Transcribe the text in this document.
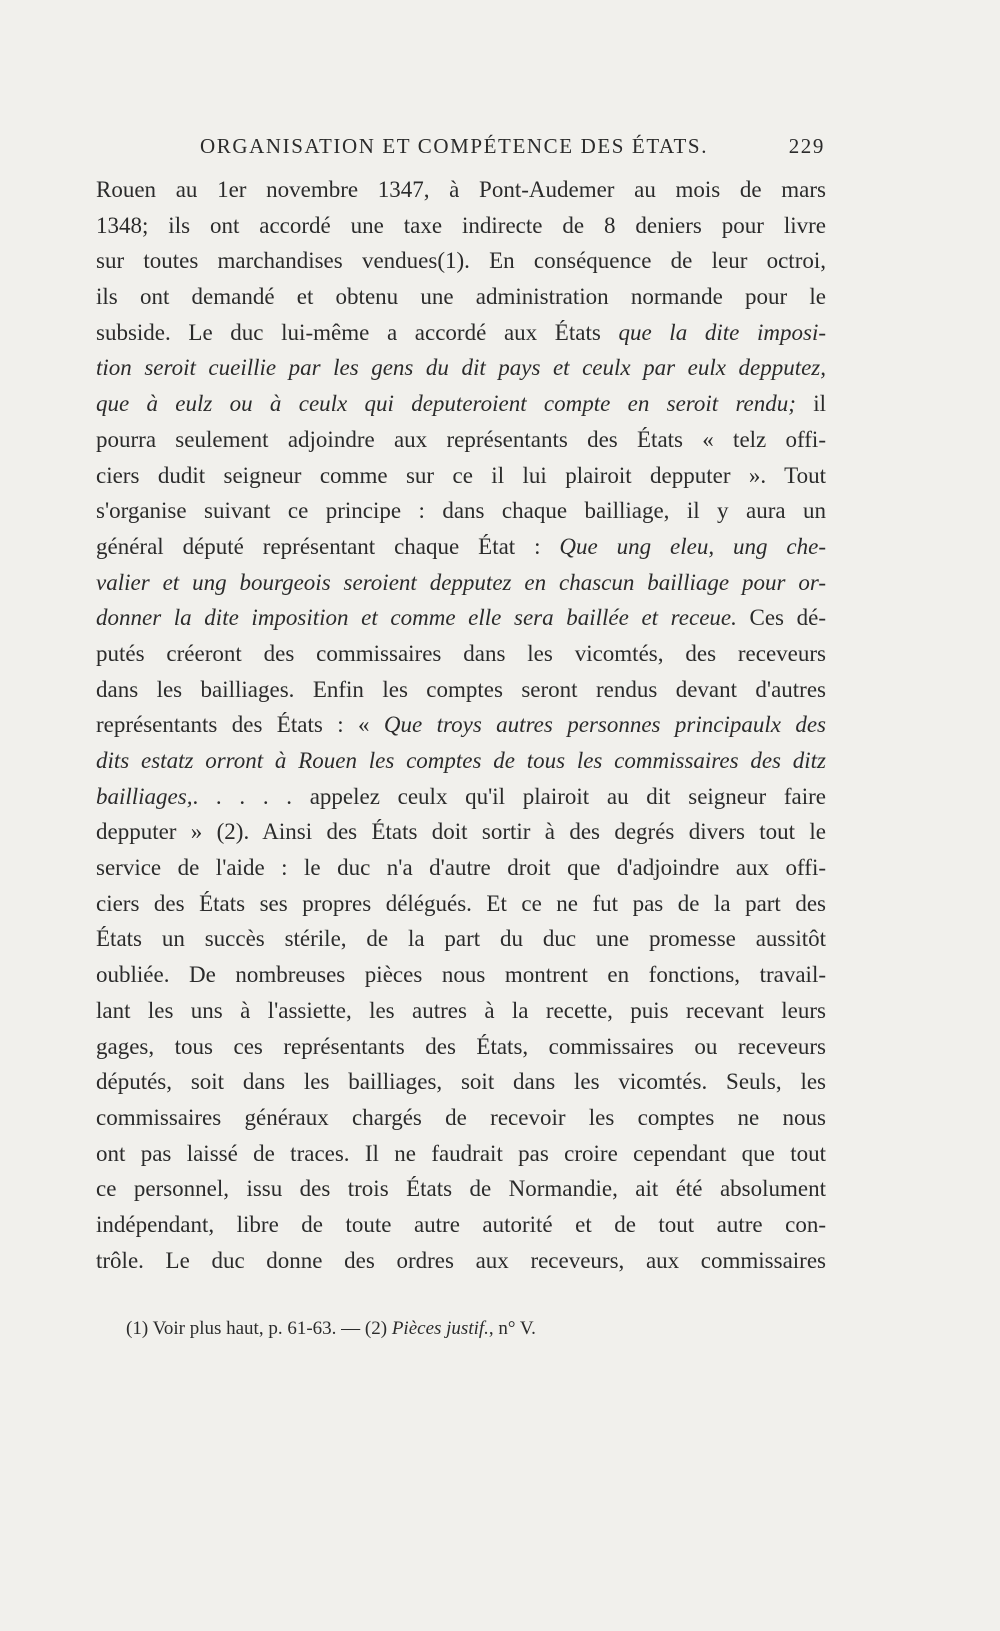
ORGANISATION ET COMPÉTENCE DES ÉTATS.	229
Rouen au 1er novembre 1347, à Pont-Audemer au mois de mars
1348; ils ont accordé une taxe indirecte de 8 deniers pour livre
sur toutes marchandises vendues(1). En conséquence de leur octroi,
ils ont demandé et obtenu une administration normande pour le
subside. Le duc lui-même a accordé aux États que la dite imposi-
tion seroit cueillie par les gens du dit pays et ceulx par eulx depputez,
que à eulz ou à ceulx qui deputeroient compte en seroit rendu; il
pourra seulement adjoindre aux représentants des États « telz offi-
ciers dudit seigneur comme sur ce il lui plairoit depputer ». Tout
s'organise suivant ce principe : dans chaque bailliage, il y aura un
général député représentant chaque État : Que ung eleu, ung che-
valier et ung bourgeois seroient depputez en chascun bailliage pour or-
donner la dite imposition et comme elle sera baillée et receue. Ces dé-
putés créeront des commissaires dans les vicomtés, des receveurs
dans les bailliages. Enfin les comptes seront rendus devant d'autres
représentants des États : « Que troys autres personnes principaulx des
dits estatz orront à Rouen les comptes de tous les commissaires des ditz
bailliages,. . . . . appelez ceulx qu'il plairoit au dit seigneur faire
depputer » (2). Ainsi des États doit sortir à des degrés divers tout le
service de l'aide : le duc n'a d'autre droit que d'adjoindre aux offi-
ciers des États ses propres délégués. Et ce ne fut pas de la part des
États un succès stérile, de la part du duc une promesse aussitôt
oubliée. De nombreuses pièces nous montrent en fonctions, travail-
lant les uns à l'assiette, les autres à la recette, puis recevant leurs
gages, tous ces représentants des États, commissaires ou receveurs
députés, soit dans les bailliages, soit dans les vicomtés. Seuls, les
commissaires généraux chargés de recevoir les comptes ne nous
ont pas laissé de traces. Il ne faudrait pas croire cependant que tout
ce personnel, issu des trois États de Normandie, ait été absolument
indépendant, libre de toute autre autorité et de tout autre con-
trôle. Le duc donne des ordres aux receveurs, aux commissaires
(1) Voir plus haut, p. 61-63. — (2) Pièces justif., n° V.
